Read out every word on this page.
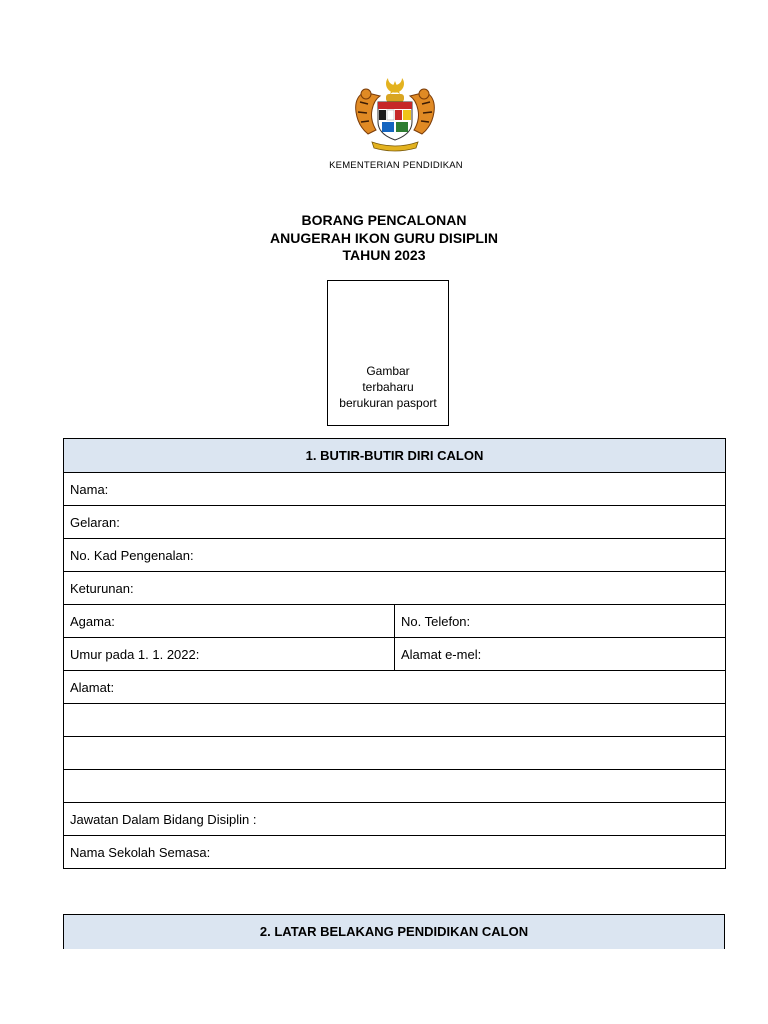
KEMENTERIAN PENDIDIKAN
BORANG PENCALONAN
ANUGERAH IKON GURU DISIPLIN
TAHUN 2023
Gambar
terbaharu
berukuran pasport
1. BUTIR-BUTIR DIRI CALON	
Nama:	
Gelaran:	
No. Kad Pengenalan:	
Keturunan:	
Agama:	No. Telefon:
Umur pada 1. 1. 2022:	Alamat e-mel:
Alamat:	

Jawatan Dalam Bidang Disiplin :	
Nama Sekolah Semasa:	
2. LATAR BELAKANG PENDIDIKAN CALON
